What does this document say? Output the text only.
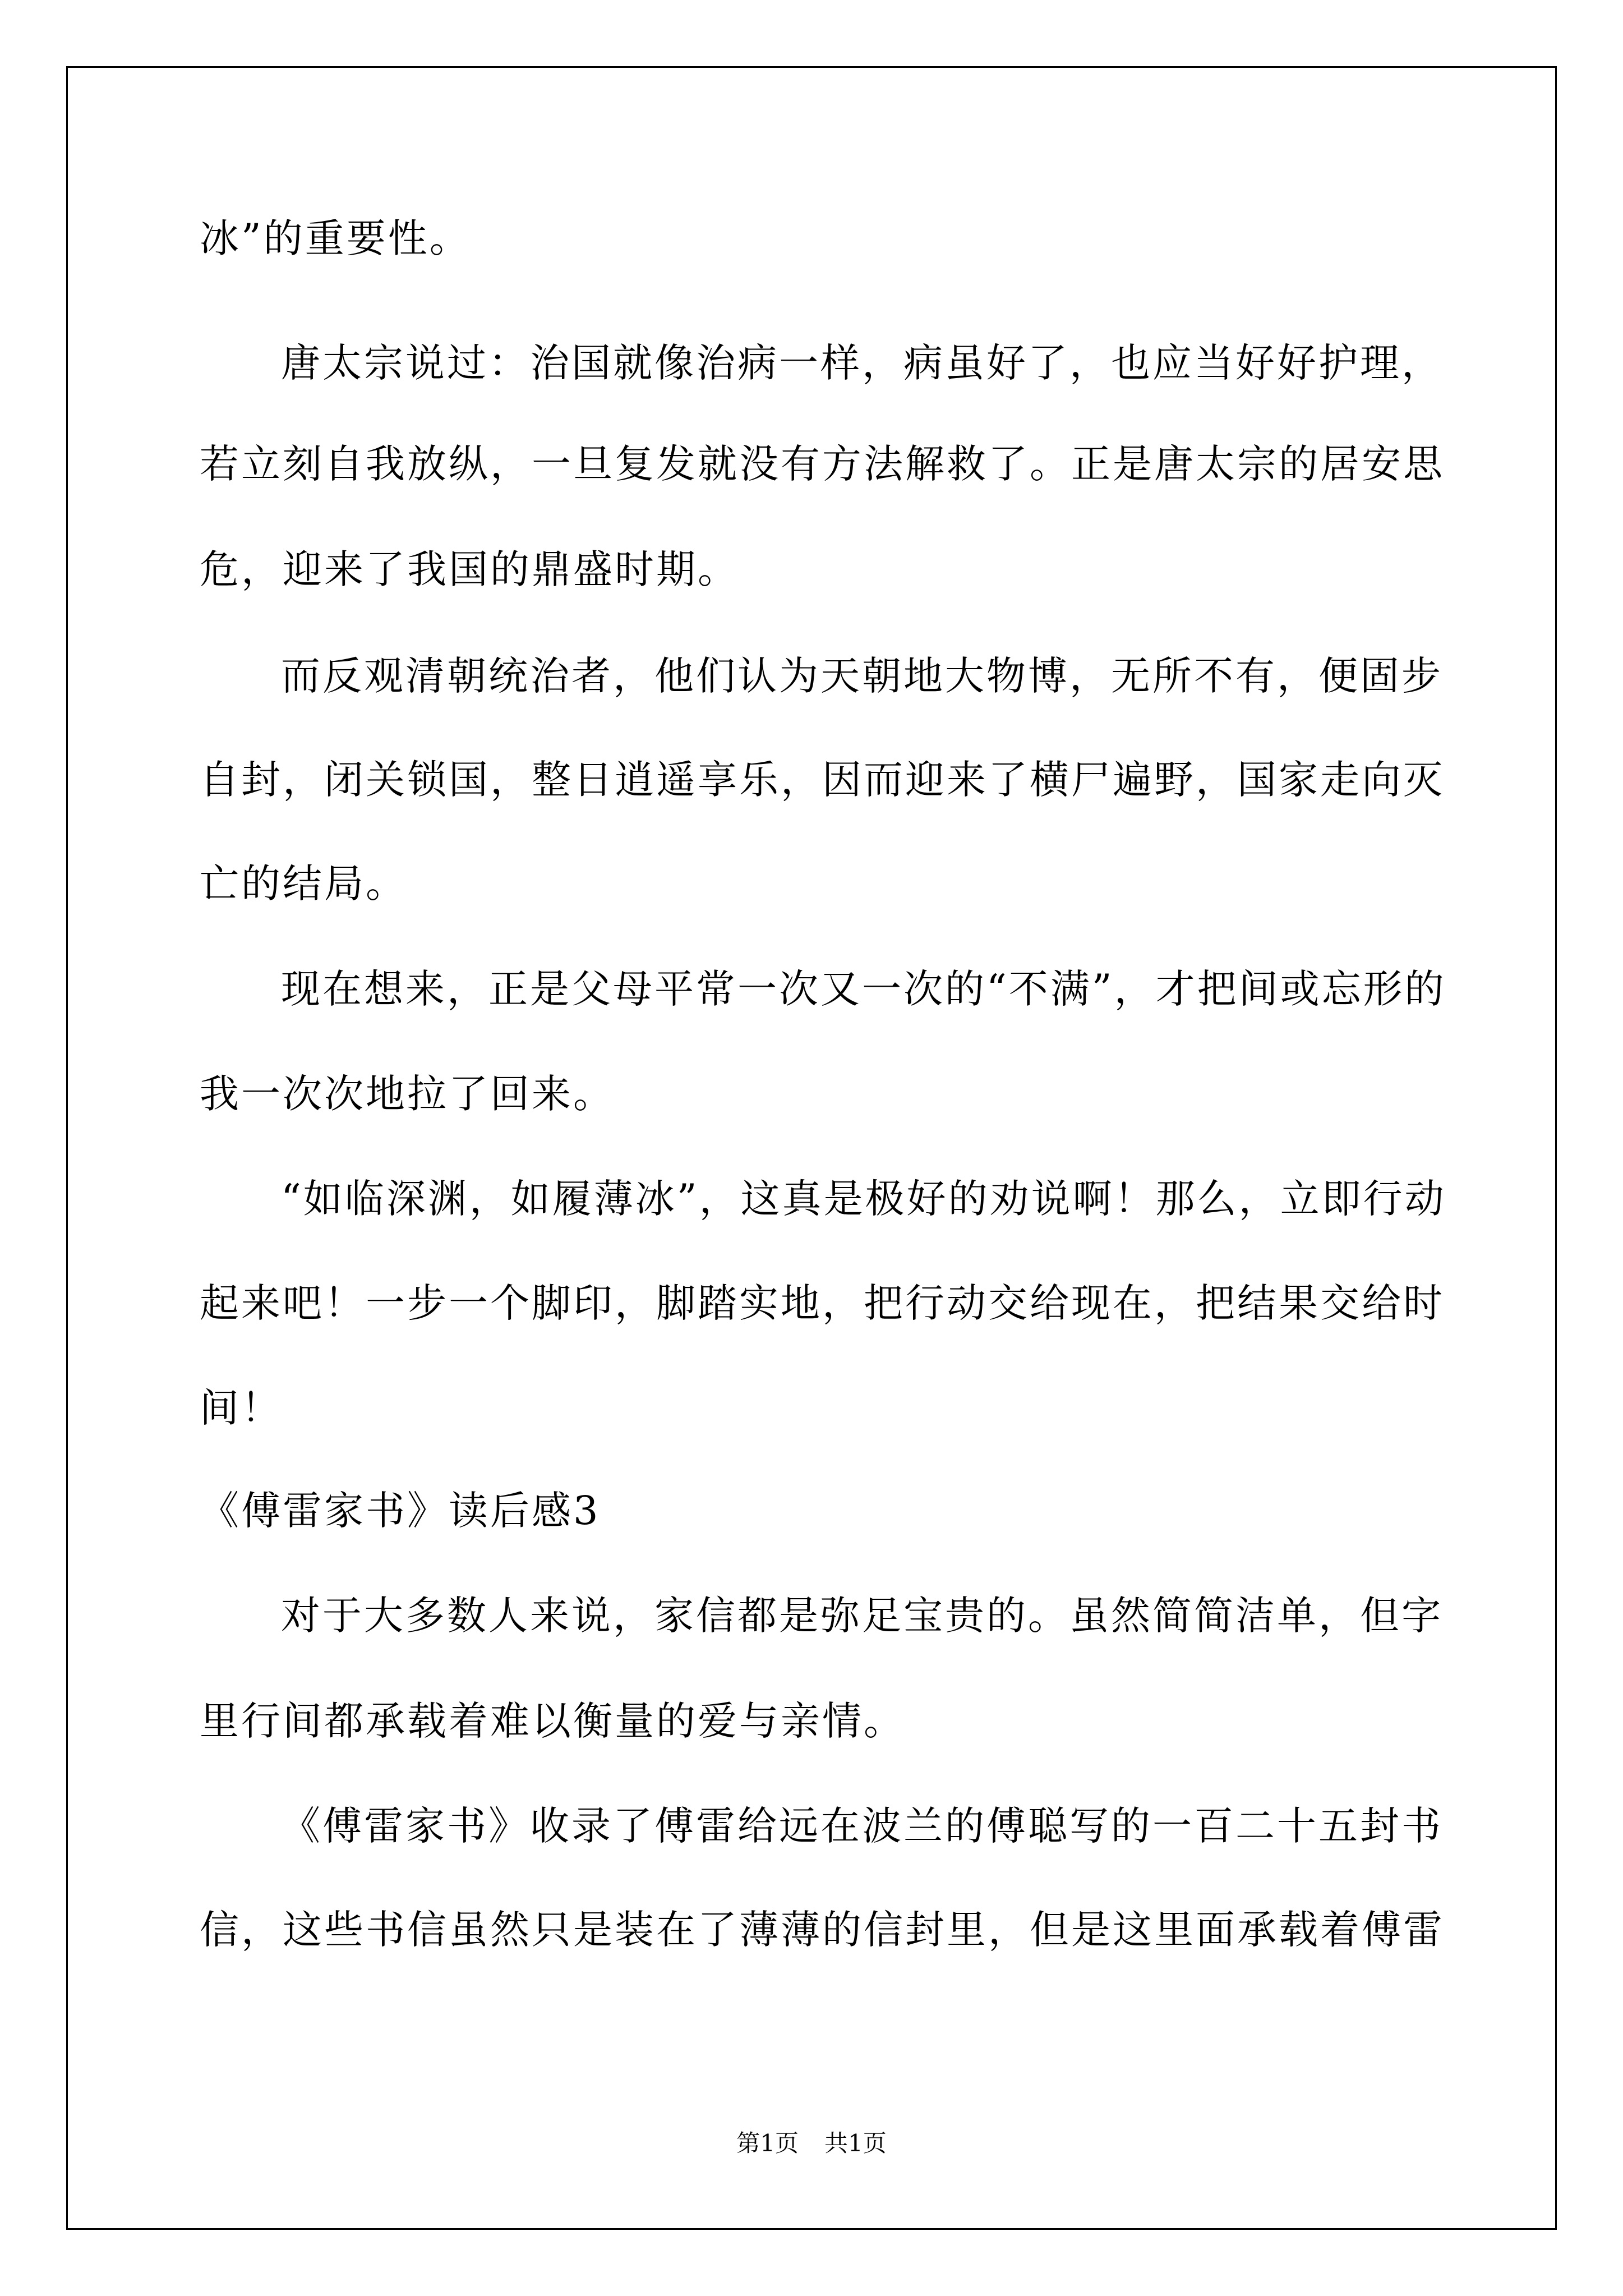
冰”的重要性。
唐太宗说过：治国就像治病一样，病虽好了，也应当好好护理，
若立刻自我放纵，一旦复发就没有方法解救了。正是唐太宗的居安思
危，迎来了我国的鼎盛时期。
而反观清朝统治者，他们认为天朝地大物博，无所不有，便固步
自封，闭关锁国，整日逍遥享乐，因而迎来了横尸遍野，国家走向灭
亡的结局。
现在想来，正是父母平常一次又一次的“不满”，才把间或忘形的
我一次次地拉了回来。
“如临深渊，如履薄冰”，这真是极好的劝说啊！那么，立即行动
起来吧！一步一个脚印，脚踏实地，把行动交给现在，把结果交给时
间！
《傅雷家书》读后感3
对于大多数人来说，家信都是弥足宝贵的。虽然简简洁单，但字
里行间都承载着难以衡量的爱与亲情。
《傅雷家书》收录了傅雷给远在波兰的傅聪写的一百二十五封书
信，这些书信虽然只是装在了薄薄的信封里，但是这里面承载着傅雷
第1页 共1页
